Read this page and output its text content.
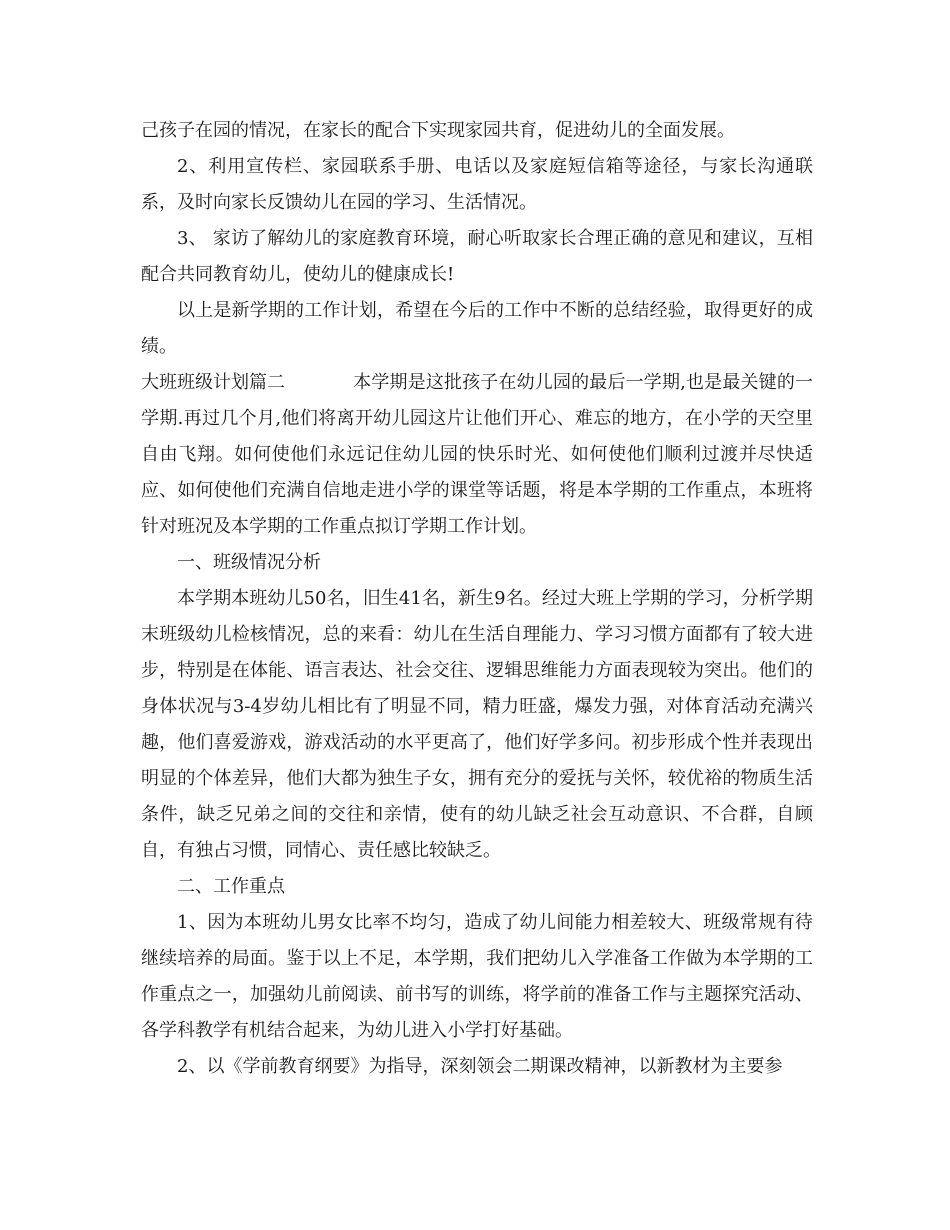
己孩子在园的情况，在家长的配合下实现家园共育，促进幼儿的全面发展。

2、利用宣传栏、家园联系手册、电话以及家庭短信箱等途径，与家长沟通联系，及时向家长反馈幼儿在园的学习、生活情况。

3、 家访了解幼儿的家庭教育环境，耐心听取家长合理正确的意见和建议，互相配合共同教育幼儿，使幼儿的健康成长!

以上是新学期的工作计划，希望在今后的工作中不断的总结经验，取得更好的成绩。

大班班级计划篇二	本学期是这批孩子在幼儿园的最后一学期,也是最关键的一学期.再过几个月,他们将离开幼儿园这片让他们开心、难忘的地方，在小学的天空里自由飞翔。如何使他们永远记住幼儿园的快乐时光、如何使他们顺利过渡并尽快适应、如何使他们充满自信地走进小学的课堂等话题，将是本学期的工作重点，本班将针对班况及本学期的工作重点拟订学期工作计划。

一、班级情况分析

本学期本班幼儿50名，旧生41名，新生9名。经过大班上学期的学习，分析学期末班级幼儿检核情况，总的来看：幼儿在生活自理能力、学习习惯方面都有了较大进步，特别是在体能、语言表达、社会交往、逻辑思维能力方面表现较为突出。他们的身体状况与3-4岁幼儿相比有了明显不同，精力旺盛，爆发力强，对体育活动充满兴趣，他们喜爱游戏，游戏活动的水平更高了，他们好学多问。初步形成个性并表现出明显的个体差异，他们大都为独生子女，拥有充分的爱抚与关怀，较优裕的物质生活条件，缺乏兄弟之间的交往和亲情，使有的幼儿缺乏社会互动意识、不合群，自顾自，有独占习惯，同情心、责任感比较缺乏。

二、工作重点

1、因为本班幼儿男女比率不均匀，造成了幼儿间能力相差较大、班级常规有待继续培养的局面。鉴于以上不足，本学期，我们把幼儿入学准备工作做为本学期的工作重点之一，加强幼儿前阅读、前书写的训练，将学前的准备工作与主题探究活动、各学科教学有机结合起来，为幼儿进入小学打好基础。

2、以《学前教育纲要》为指导，深刻领会二期课改精神，以新教材为主要参
